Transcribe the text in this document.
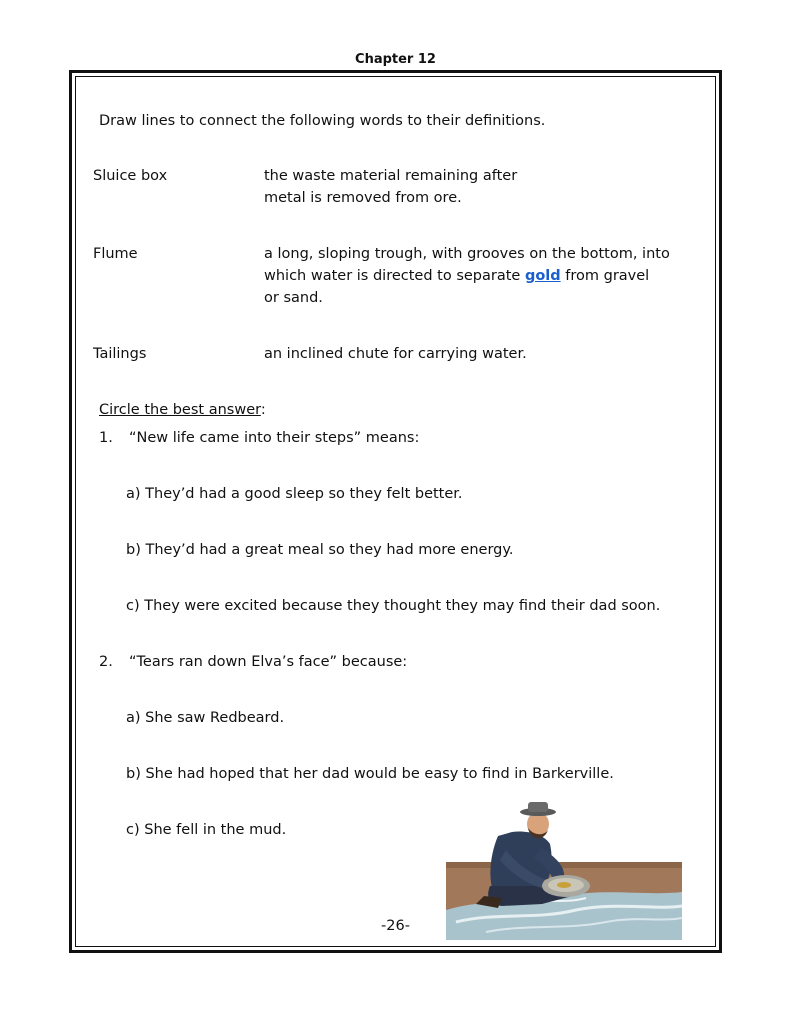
Chapter 12
Draw lines to connect the following words to their definitions.
Sluice box	the waste material remaining after
metal is removed from ore.
Flume	a long, sloping trough, with grooves on the bottom, into
which water is directed to separate gold from gravel
or sand.
Tailings	an inclined chute for carrying water.
Circle the best answer:
1. “New life came into their steps” means:
a) They’d had a good sleep so they felt better.
b) They’d had a great meal so they had more energy.
c) They were excited because they thought they may find their dad soon.
2. “Tears ran down Elva’s face” because:
a) She saw Redbeard.
b) She had hoped that her dad would be easy to find in Barkerville.
c) She fell in the mud.
-26-
